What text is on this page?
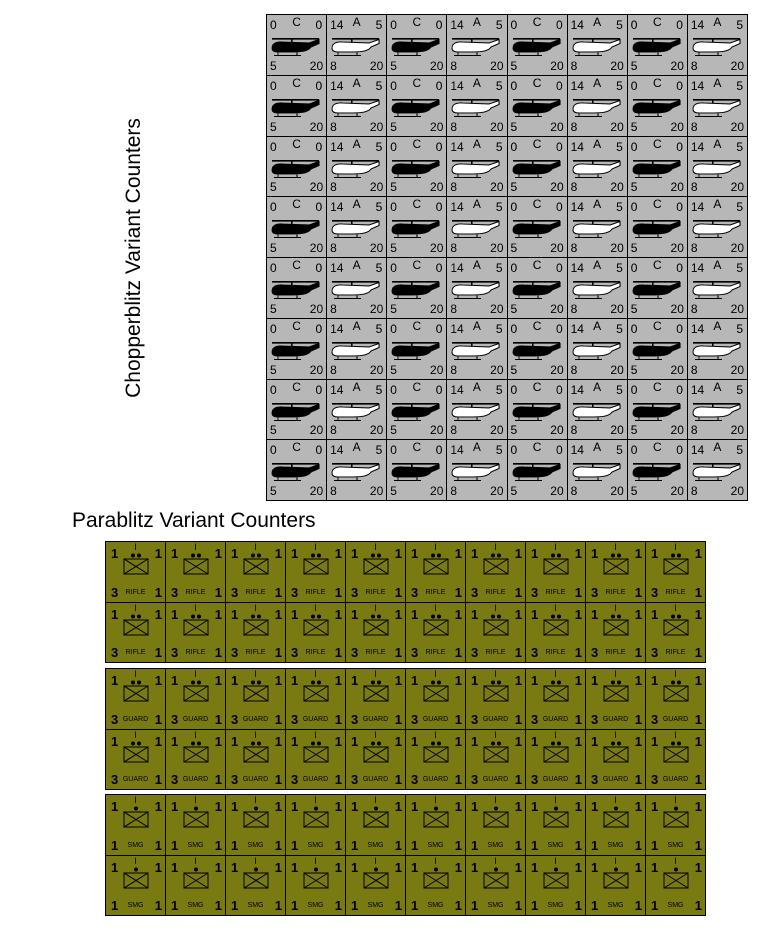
Chopperblitz Variant Counters
0 C 0
5	20
14 A 5
8	20
0 C 0
5	20
14 A 5
8	20
0 C 0
5	20
14 A 5
8	20
0 C 0
5	20
14 A 5
8	20
0 C 0
5	20
14 A 5
8	20
0 C 0
5	20
14 A 5
8	20
0 C 0
5	20
14 A 5
8	20
0 C 0
5	20
14 A 5
8	20
0 C 0
5	20
14 A 5
8	20
0 C 0
5	20
14 A 5
8	20
0 C 0
5	20
14 A 5
8	20
0 C 0
5	20
14 A 5
8	20
0 C 0
5	20
14 A 5
8	20
0 C 0
5	20
14 A 5
8	20
0 C 0
5	20
14 A 5
8	20
0 C 0
5	20
14 A 5
8	20
0 C 0
5	20
14 A 5
8	20
0 C 0
5	20
14 A 5
8	20
0 C 0
5	20
14 A 5
8	20
0 C 0
5	20
14 A 5
8	20
0 C 0
5	20
14 A 5
8	20
0 C 0
5	20
14 A 5
8	20
0 C 0
5	20
14 A 5
8	20
0 C 0
5	20
14 A 5
8	20
0 C 0
5	20
14 A 5
8	20
0 C 0
5	20
14 A 5
8	20
0 C 0
5	20
14 A 5
8	20
0 C 0
5	20
14 A 5
8	20
0 C 0
5	20
14 A 5
8	20
0 C 0
5	20
14 A 5
8	20
0 C 0
5	20
14 A 5
8	20
0 C 0
5	20
14 A 5
8	20
Parablitz Variant Counters
1 I 1
RIFLE
3	1
1 I 1
RIFLE
3	1
1 I 1
RIFLE
3	1
1 I 1
RIFLE
3	1
1 I 1
RIFLE
3	1
1 I 1
RIFLE
3	1
1 I 1
RIFLE
3	1
1 I 1
RIFLE
3	1
1 I 1
RIFLE
3	1
1 I 1
RIFLE
3	1
1 I 1
RIFLE
3	1
1 I 1
RIFLE
3	1
1 I 1
RIFLE
3	1
1 I 1
RIFLE
3	1
1 I 1
RIFLE
3	1
1 I 1
RIFLE
3	1
1 I 1
RIFLE
3	1
1 I 1
RIFLE
3	1
1 I 1
RIFLE
3	1
1 I 1
RIFLE
3	1
1 I 1
GUARD
3	1
1 I 1
GUARD
3	1
1 I 1
GUARD
3	1
1 I 1
GUARD
3	1
1 I 1
GUARD
3	1
1 I 1
GUARD
3	1
1 I 1
GUARD
3	1
1 I 1
GUARD
3	1
1 I 1
GUARD
3	1
1 I 1
GUARD
3	1
1 I 1
GUARD
3	1
1 I 1
GUARD
3	1
1 I 1
GUARD
3	1
1 I 1
GUARD
3	1
1 I 1
GUARD
3	1
1 I 1
GUARD
3	1
1 I 1
GUARD
3	1
1 I 1
GUARD
3	1
1 I 1
GUARD
3	1
1 I 1
GUARD
3	1
1 I 1
SMG
1	1
1 I 1
SMG
1	1
1 I 1
SMG
1	1
1 I 1
SMG
1	1
1 I 1
SMG
1	1
1 I 1
SMG
1	1
1 I 1
SMG
1	1
1 I 1
SMG
1	1
1 I 1
SMG
1	1
1 I 1
SMG
1	1
1 I 1
SMG
1	1
1 I 1
SMG
1	1
1 I 1
SMG
1	1
1 I 1
SMG
1	1
1 I 1
SMG
1	1
1 I 1
SMG
1	1
1 I 1
SMG
1	1
1 I 1
SMG
1	1
1 I 1
SMG
1	1
1 I 1
SMG
1	1
